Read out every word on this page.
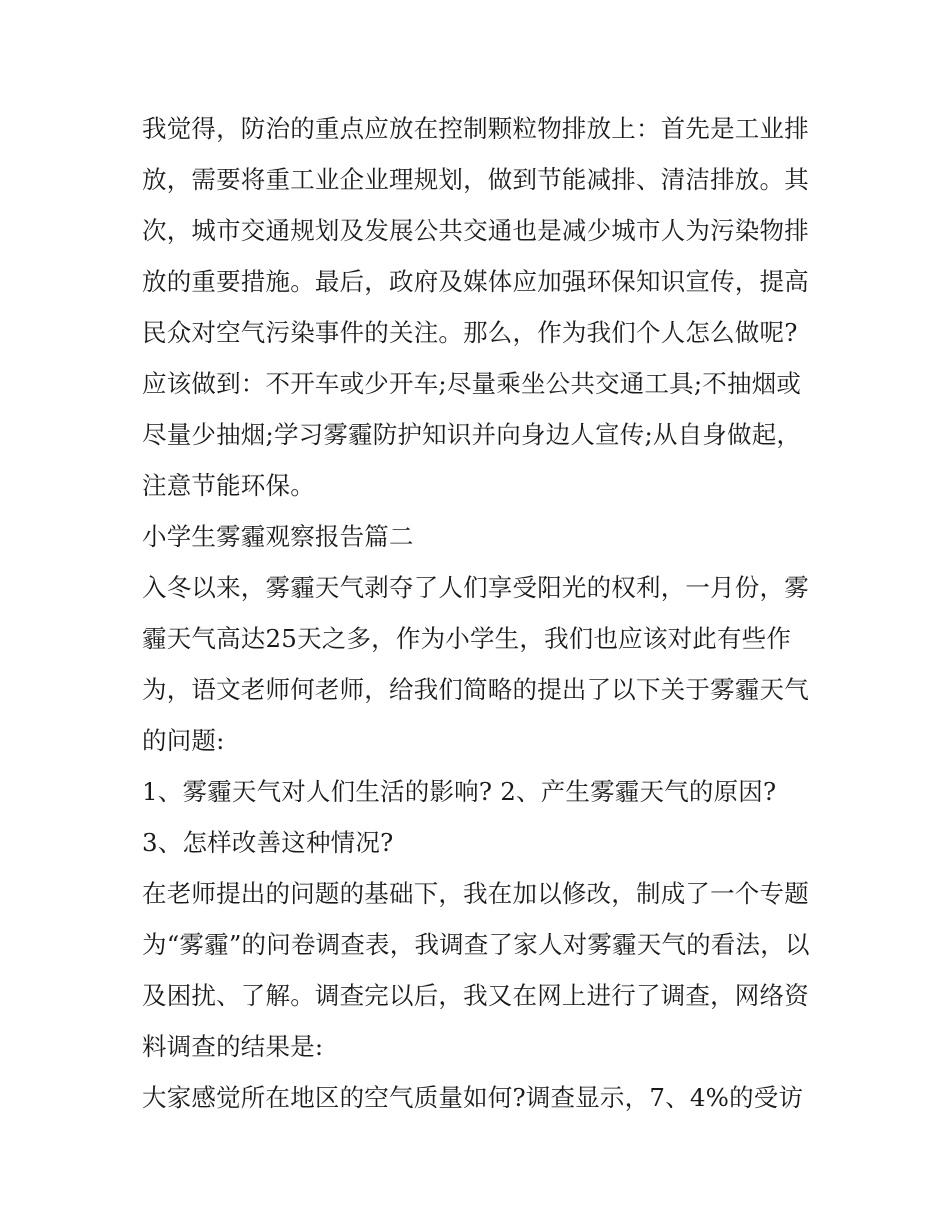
我觉得，防治的重点应放在控制颗粒物排放上：首先是工业排放，需要将重工业企业理规划，做到节能减排、清洁排放。其次，城市交通规划及发展公共交通也是减少城市人为污染物排放的重要措施。最后，政府及媒体应加强环保知识宣传，提高民众对空气污染事件的关注。那么，作为我们个人怎么做呢?应该做到：不开车或少开车;尽量乘坐公共交通工具;不抽烟或尽量少抽烟;学习雾霾防护知识并向身边人宣传;从自身做起，注意节能环保。

小学生雾霾观察报告篇二

入冬以来，雾霾天气剥夺了人们享受阳光的权利，一月份，雾霾天气高达25天之多，作为小学生，我们也应该对此有些作为，语文老师何老师，给我们简略的提出了以下关于雾霾天气的问题:

1、雾霾天气对人们生活的影响? 2、产生雾霾天气的原因? 3、怎样改善这种情况?

在老师提出的问题的基础下，我在加以修改，制成了一个专题为“雾霾”的问卷调查表，我调查了家人对雾霾天气的看法，以及困扰、了解。调查完以后，我又在网上进行了调查，网络资料调查的结果是:

大家感觉所在地区的空气质量如何?调查显示，7、4%的受访
